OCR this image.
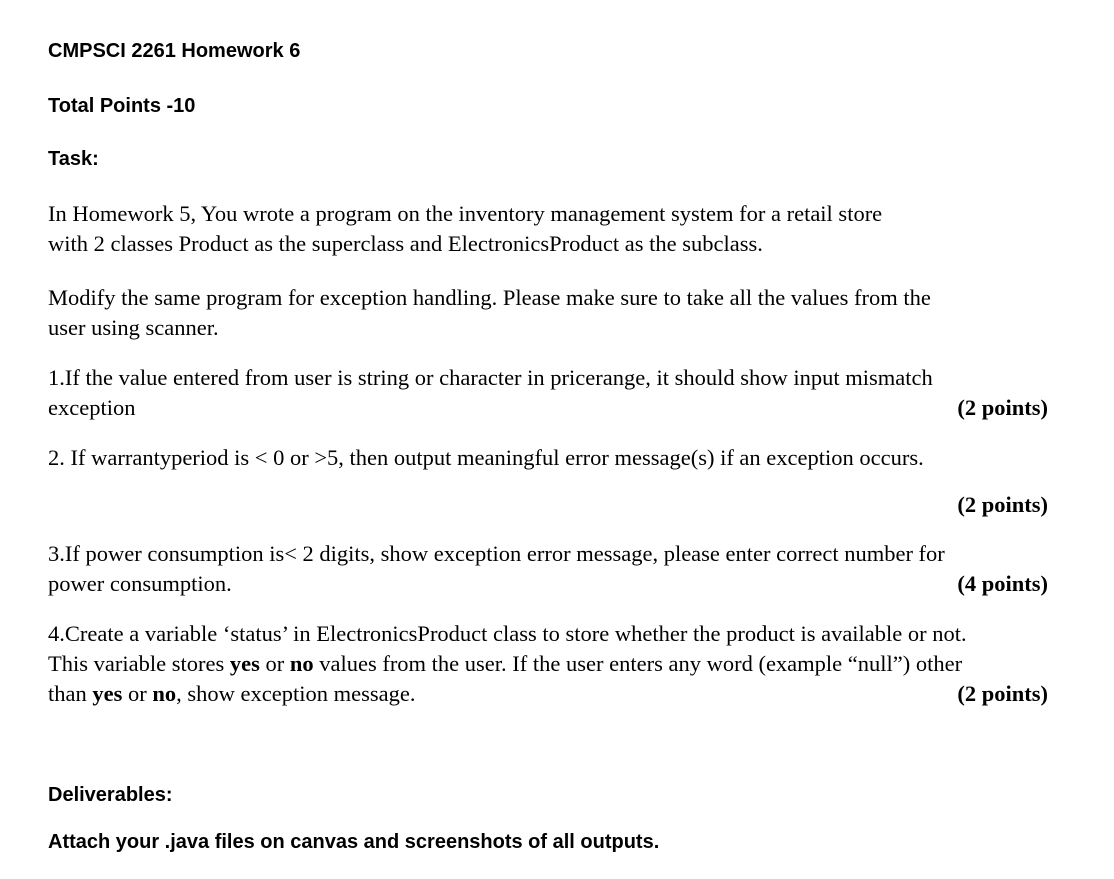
CMPSCI 2261 Homework 6
Total Points -10
Task:
In Homework 5, You wrote a program on the inventory management system for a retail store
with 2 classes Product as the superclass and ElectronicsProduct as the subclass.
Modify the same program for exception handling. Please make sure to take all the values from the
user using scanner.
1.If the value entered from user is string or character in pricerange, it should show input mismatch
exception	(2 points)
2. If warrantyperiod is < 0 or >5, then output meaningful error message(s) if an exception occurs.
(2 points)
3.If power consumption is< 2 digits, show exception error message, please enter correct number for
power consumption.	(4 points)
4.Create a variable ‘status’ in ElectronicsProduct class to store whether the product is available or not.
This variable stores yes or no values from the user. If the user enters any word (example “null”) other
than yes or no, show exception message.	(2 points)
Deliverables:
Attach your .java files on canvas and screenshots of all outputs.
